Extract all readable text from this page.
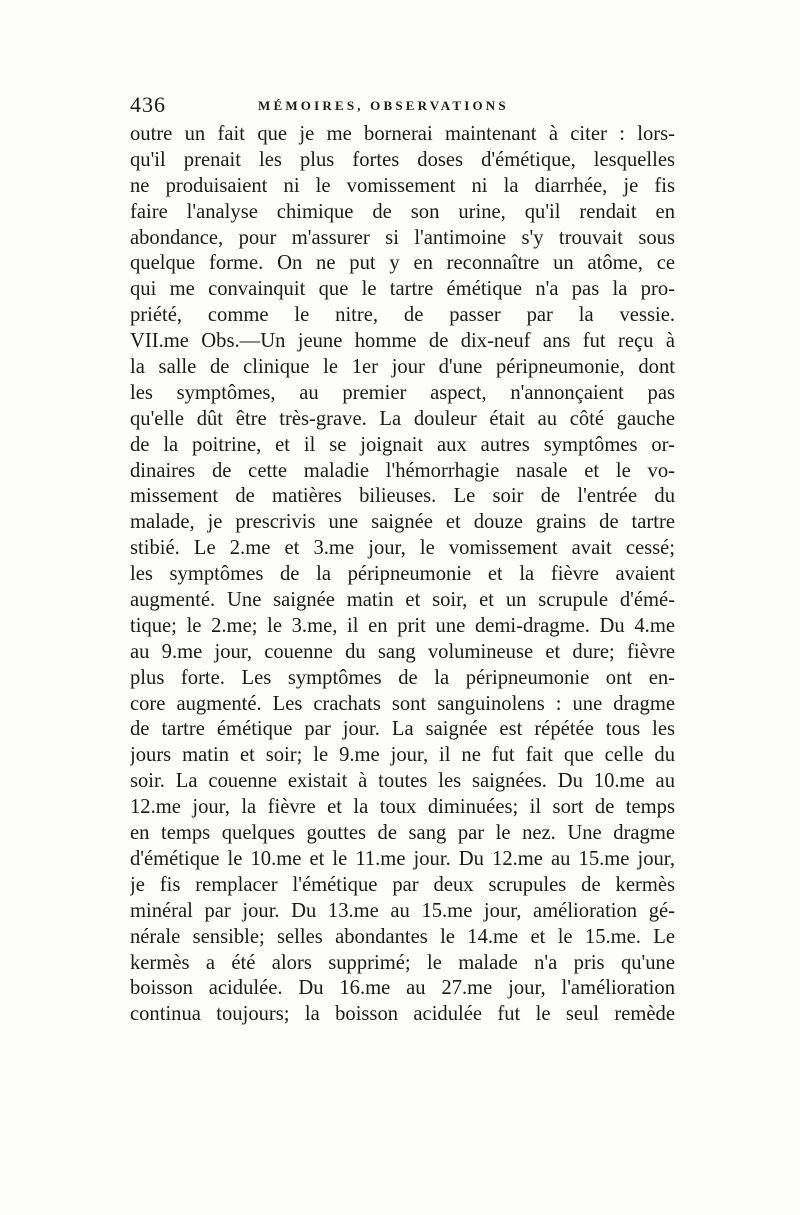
436	MÉMOIRES, OBSERVATIONS
outre un fait que je me bornerai maintenant à citer : lors-
qu'il prenait les plus fortes doses d'émétique, lesquelles
ne produisaient ni le vomissement ni la diarrhée, je fis
faire l'analyse chimique de son urine, qu'il rendait en
abondance, pour m'assurer si l'antimoine s'y trouvait sous
quelque forme. On ne put y en reconnaître un atôme, ce
qui me convainquit que le tartre émétique n'a pas la pro-
priété, comme le nitre, de passer par la vessie.
VII.me Obs.—Un jeune homme de dix-neuf ans fut reçu à
la salle de clinique le 1er jour d'une péripneumonie, dont
les symptômes, au premier aspect, n'annonçaient pas
qu'elle dût être très-grave. La douleur était au côté gauche
de la poitrine, et il se joignait aux autres symptômes or-
dinaires de cette maladie l'hémorrhagie nasale et le vo-
missement de matières bilieuses. Le soir de l'entrée du
malade, je prescrivis une saignée et douze grains de tartre
stibié. Le 2.me et 3.me jour, le vomissement avait cessé;
les symptômes de la péripneumonie et la fièvre avaient
augmenté. Une saignée matin et soir, et un scrupule d'émé-
tique; le 2.me; le 3.me, il en prit une demi-dragme. Du 4.me
au 9.me jour, couenne du sang volumineuse et dure; fièvre
plus forte. Les symptômes de la péripneumonie ont en-
core augmenté. Les crachats sont sanguinolens : une dragme
de tartre émétique par jour. La saignée est répétée tous les
jours matin et soir; le 9.me jour, il ne fut fait que celle du
soir. La couenne existait à toutes les saignées. Du 10.me au
12.me jour, la fièvre et la toux diminuées; il sort de temps
en temps quelques gouttes de sang par le nez. Une dragme
d'émétique le 10.me et le 11.me jour. Du 12.me au 15.me jour,
je fis remplacer l'émétique par deux scrupules de kermès
minéral par jour. Du 13.me au 15.me jour, amélioration gé-
nérale sensible; selles abondantes le 14.me et le 15.me. Le
kermès a été alors supprimé; le malade n'a pris qu'une
boisson acidulée. Du 16.me au 27.me jour, l'amélioration
continua toujours; la boisson acidulée fut le seul remède
